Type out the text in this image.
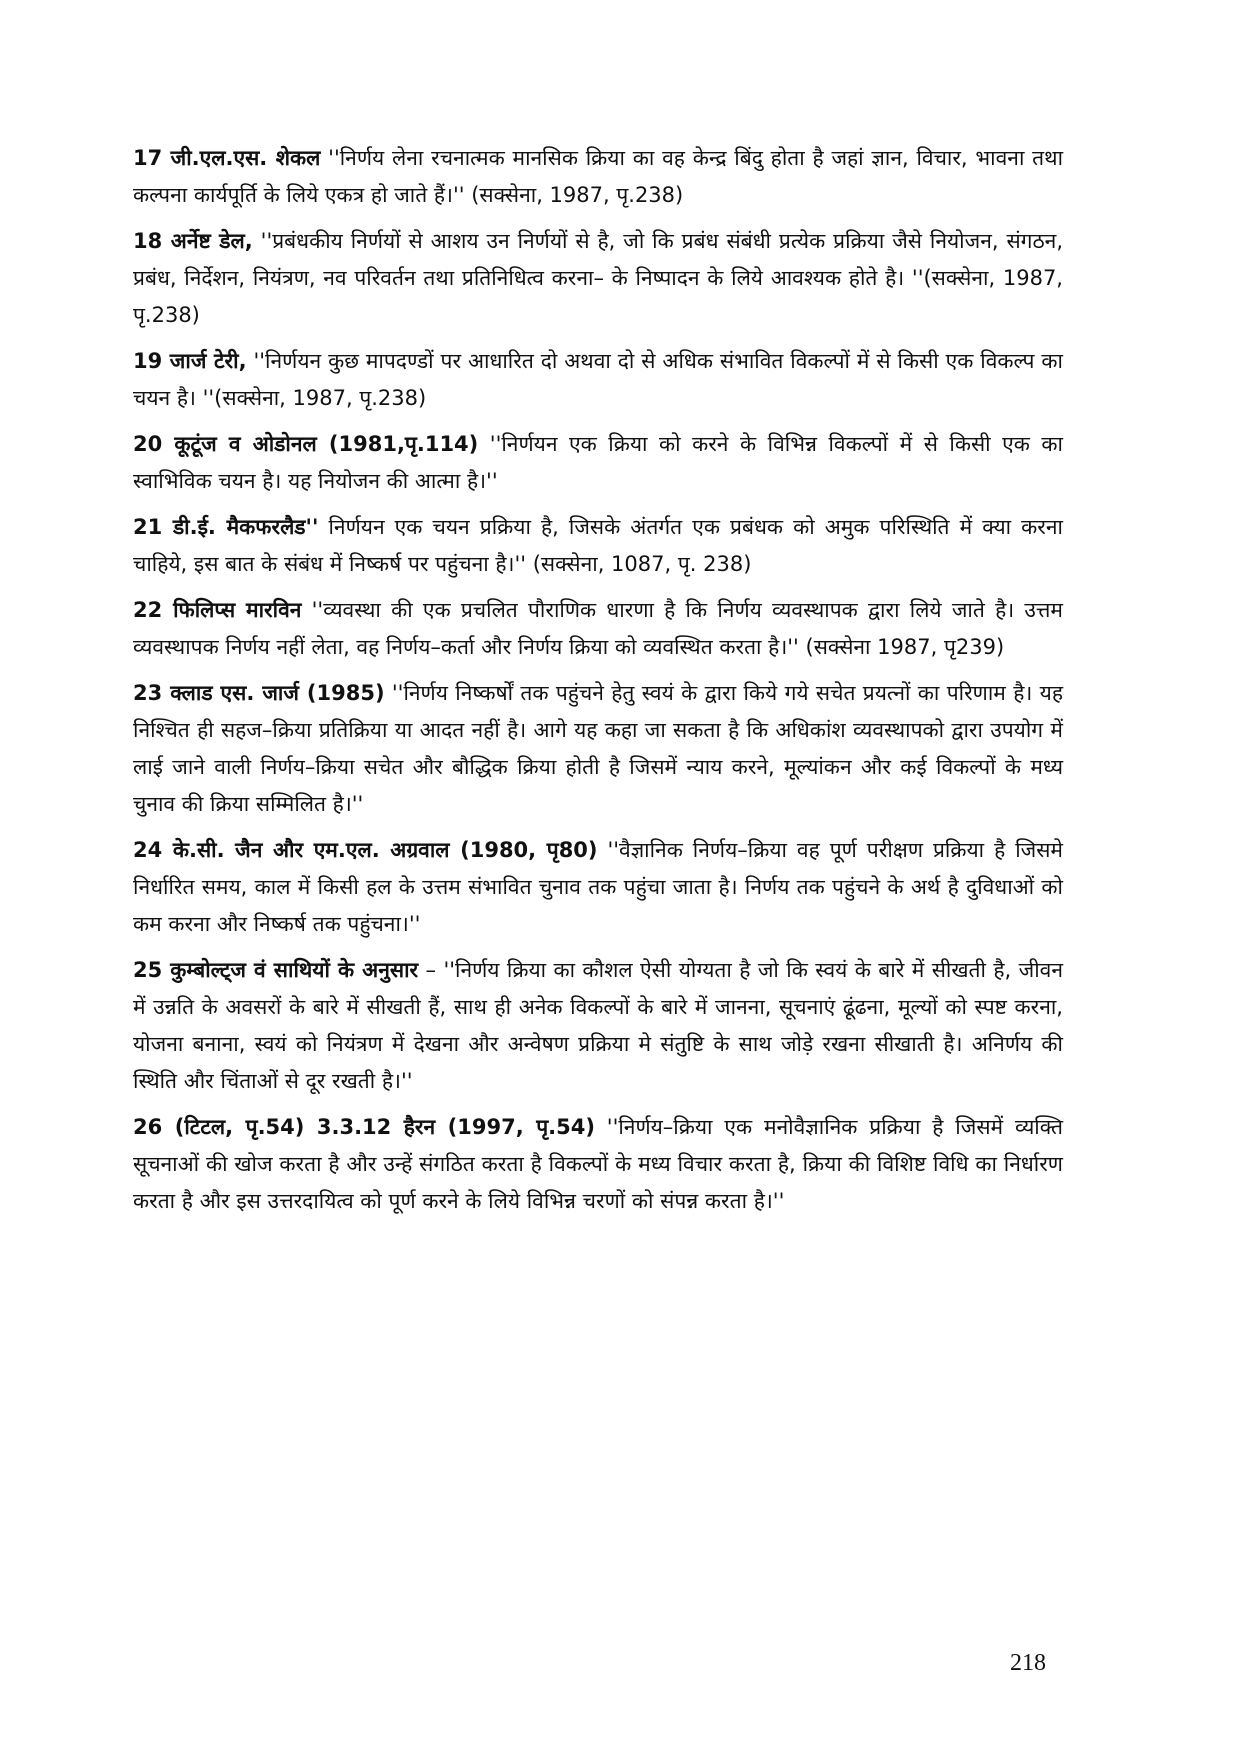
17 जी.एल.एस. शेकल ''निर्णय लेना रचनात्मक मानसिक क्रिया का वह केन्द्र बिंदु होता है जहां ज्ञान, विचार, भावना तथा कल्पना कार्यपूर्ति के लिये एकत्र हो जाते हैं।'' (सक्सेना, 1987, पृ.238)

18 अर्नेष्ट डेल, ''प्रबंधकीय निर्णयों से आशय उन निर्णयों से है, जो कि प्रबंध संबंधी प्रत्येक प्रक्रिया जैसे नियोजन, संगठन, प्रबंध, निर्देशन, नियंत्रण, नव परिवर्तन तथा प्रतिनिधित्व करना– के निष्पादन के लिये आवश्यक होते है। ''(सक्सेना, 1987, पृ.238)

19 जार्ज टेरी, ''निर्णयन कुछ मापदण्डों पर आधारित दो अथवा दो से अधिक संभावित विकल्पों में से किसी एक विकल्प का चयन है। ''(सक्सेना, 1987, पृ.238)

20 कूटूंज व ओडोनल (1981,पृ.114) ''निर्णयन एक क्रिया को करने के विभिन्न विकल्पों में से किसी एक का स्वाभिविक चयन है। यह नियोजन की आत्मा है।''

21 डी.ई. मैकफरलैड'' निर्णयन एक चयन प्रक्रिया है, जिसके अंतर्गत एक प्रबंधक को अमुक परिस्थिति में क्या करना चाहिये, इस बात के संबंध में निष्कर्ष पर पहुंचना है।'' (सक्सेना, 1087, पृ. 238)

22 फिलिप्स मारविन ''व्यवस्था की एक प्रचलित पौराणिक धारणा है कि निर्णय व्यवस्थापक द्वारा लिये जाते है। उत्तम व्यवस्थापक निर्णय नहीं लेता, वह निर्णय–कर्ता और निर्णय क्रिया को व्यवस्थित करता है।'' (सक्सेना 1987, पृ239)

23 क्लाड एस. जार्ज (1985) ''निर्णय निष्कर्षों तक पहुंचने हेतु स्वयं के द्वारा किये गये सचेत प्रयत्नों का परिणाम है। यह निश्चित ही सहज–क्रिया प्रतिक्रिया या आदत नहीं है। आगे यह कहा जा सकता है कि अधिकांश व्यवस्थापको द्वारा उपयोग में लाई जाने वाली निर्णय–क्रिया सचेत और बौद्धिक क्रिया होती है जिसमें न्याय करने, मूल्यांकन और कई विकल्पों के मध्य चुनाव की क्रिया सम्मिलित है।''

24 के.सी. जैन और एम.एल. अग्रवाल (1980, पृ80) ''वैज्ञानिक निर्णय–क्रिया वह पूर्ण परीक्षण प्रक्रिया है जिसमे निर्धारित समय, काल में किसी हल के उत्तम संभावित चुनाव तक पहुंचा जाता है। निर्णय तक पहुंचने के अर्थ है दुविधाओं को कम करना और निष्कर्ष तक पहुंचना।''

25 कुम्बोल्ट्ज वं साथियों के अनुसार – ''निर्णय क्रिया का कौशल ऐसी योग्यता है जो कि स्वयं के बारे में सीखती है, जीवन में उन्नति के अवसरों के बारे में सीखती हैं, साथ ही अनेक विकल्पों के बारे में जानना, सूचनाएं ढूंढना, मूल्यों को स्पष्ट करना, योजना बनाना, स्वयं को नियंत्रण में देखना और अन्वेषण प्रक्रिया मे संतुष्टि के साथ जोड़े रखना सीखाती है। अनिर्णय की स्थिति और चिंताओं से दूर रखती है।''

26 (टिटल, पृ.54) 3.3.12 हैरन (1997, पृ.54) ''निर्णय–क्रिया एक मनोवैज्ञानिक प्रक्रिया है जिसमें व्यक्ति सूचनाओं की खोज करता है और उन्हें संगठित करता है विकल्पों के मध्य विचार करता है, क्रिया की विशिष्ट विधि का निर्धारण करता है और इस उत्तरदायित्व को पूर्ण करने के लिये विभिन्न चरणों को संपन्न करता है।''

218
